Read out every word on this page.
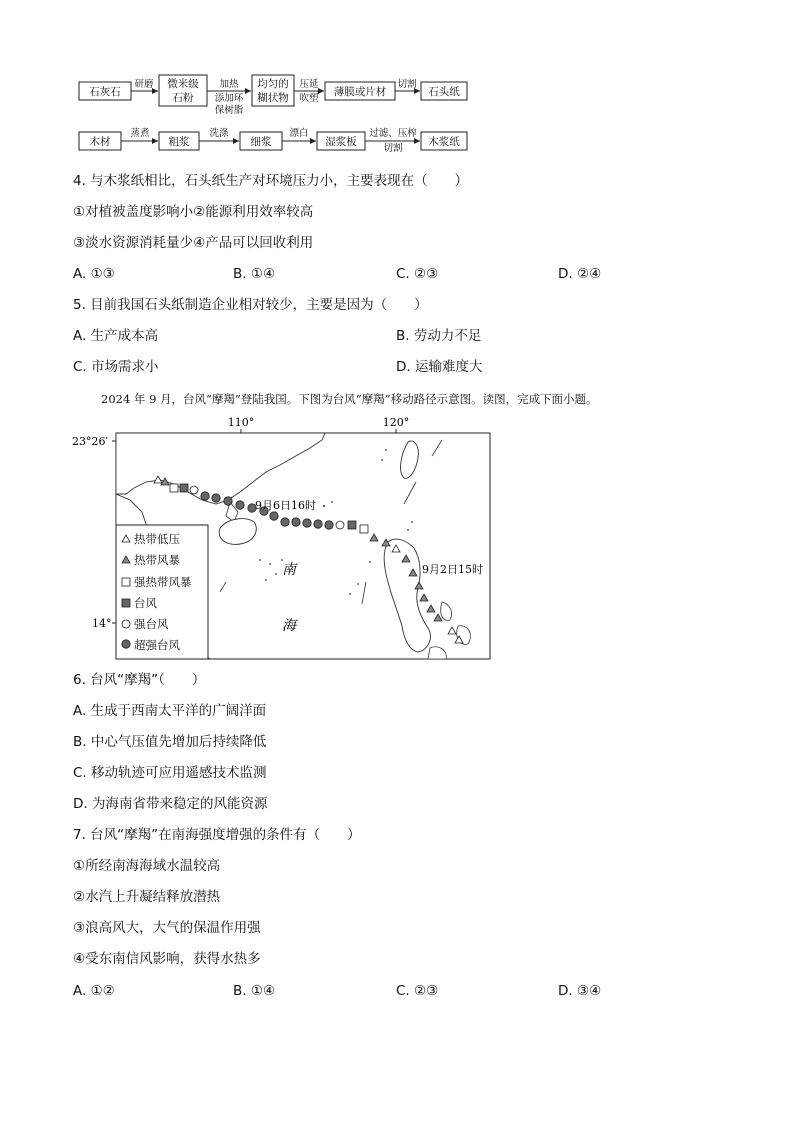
石灰石
微米级
石粉
均匀的
糊状物	薄膜或片材	石头纸
研磨	加热
添加环
保树脂
压延
吹塑
切割
木材	粗浆	细浆	湿浆板	木浆纸
蒸煮	洗涤	漂白	过滤、压榨
切割
4. 与木浆纸相比，石头纸生产对环境压力小，主要表现在（　　）
①对植被盖度影响小②能源利用效率较高
③淡水资源消耗量少④产品可以回收利用
A. ①③	B. ①④	C. ②③	D. ②④
5. 目前我国石头纸制造企业相对较少，主要是因为（　　）
A. 生产成本高	B. 劳动力不足
C. 市场需求小	D. 运输难度大
2024 年 9 月，台风“摩羯”登陆我国。下图为台风“摩羯”移动路径示意图。读图，完成下面小题。
110°	120°
23°26′
14°
9月6日16时
9月2日15时
南
海
热带低压
热带风暴
强热带风暴
台风
强台风
超强台风
6. 台风“摩羯”（　　）
A. 生成于西南太平洋的广阔洋面
B. 中心气压值先增加后持续降低
C. 移动轨迹可应用遥感技术监测
D. 为海南省带来稳定的风能资源
7. 台风“摩羯”在南海强度增强的条件有（　　）
①所经南海海域水温较高
②水汽上升凝结释放潜热
③浪高风大，大气的保温作用强
④受东南信风影响，获得水热多
A. ①②	B. ①④	C. ②③	D. ③④
